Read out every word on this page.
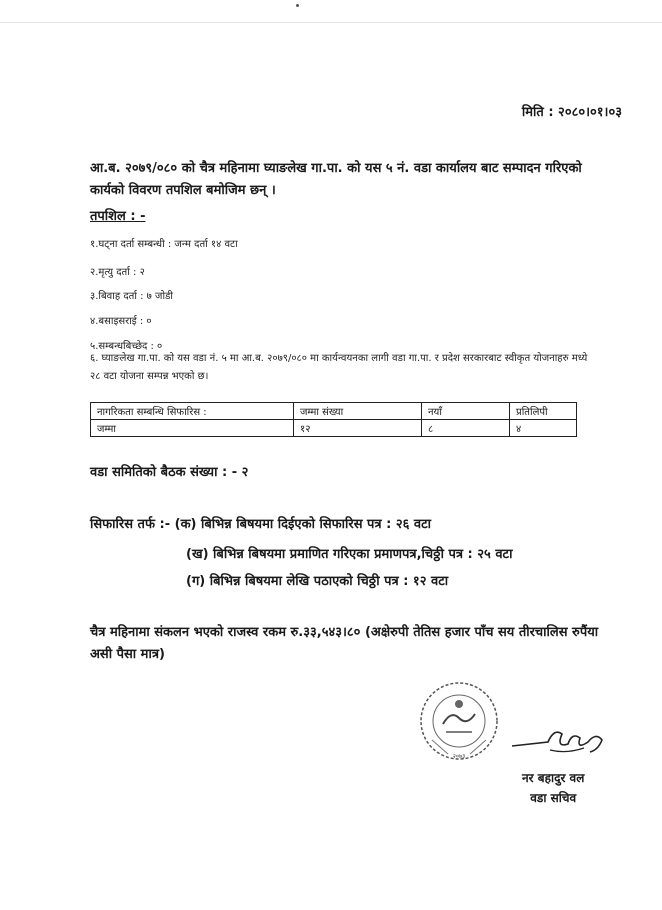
मिति : २०८०।०१।०३
आ.ब. २०७९/०८० को चैत्र महिनामा घ्याङलेख गा.पा. को यस ५ नं. वडा कार्यालय बाट सम्पादन गरिएको कार्यको विवरण तपशिल बमोजिम छन् ।
तपशिल : -
१.घट्ना दर्ता सम्बन्धी : जन्म दर्ता १४ वटा
२.मृत्यु दर्ता : २
३.बिवाह दर्ता : ७ जोडी
४.बसाइसराई : ०
५.सम्बन्धबिच्छेद : ०
६. घ्याङलेख गा.पा. को यस वडा नं. ५ मा आ.ब. २०७९/०८० मा कार्यन्वयनका लागी वडा गा.पा. र प्रदेश सरकारबाट स्वीकृत योजनाहरु मध्ये २८ वटा योजना सम्पन्न भएको छ।
नागरिकता सम्बन्धि सिफारिस :	जम्मा संख्या	नयाँ	प्रतिलिपी
जम्मा	१२	८	४
वडा समितिको बैठक संख्या : - २
सिफारिस तर्फ :- (क) बिभिन्न बिषयमा दिईएको सिफारिस पत्र : २६ वटा
(ख) बिभिन्न बिषयमा प्रमाणित गरिएका प्रमाणपत्र,चिठ्ठी पत्र : २५ वटा
(ग) बिभिन्न बिषयमा लेखि पठाएको चिठ्ठी पत्र : १२ वटा
चैत्र महिनामा संकलन भएको राजस्व रकम रु.३३,५४३।८० (अक्षेरुपी तेतिस हजार पाँच सय तीरचालिस रुपैंया असी पैसा मात्र)
२०७३
नर बहादुर वल
वडा सचिव
